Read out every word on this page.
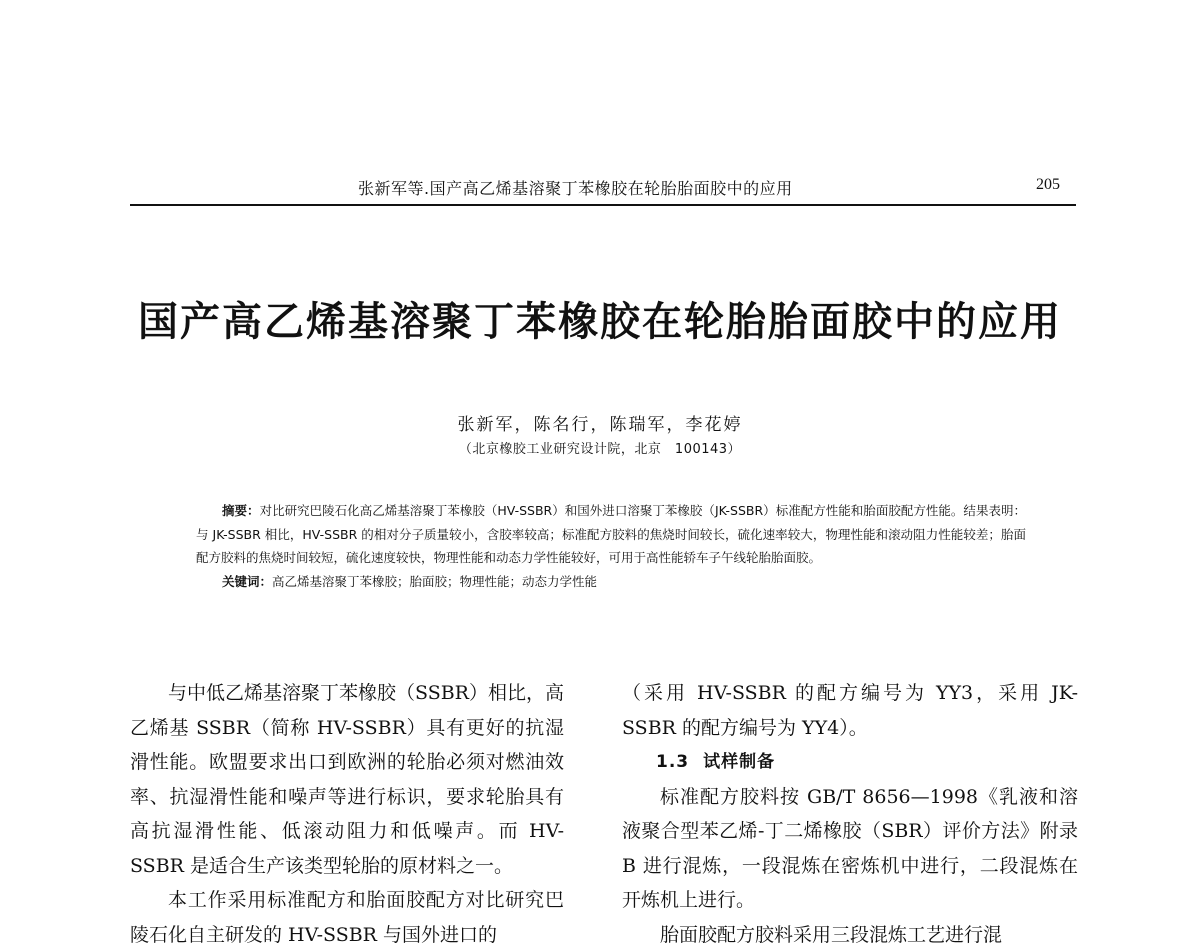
张新军等.国产高乙烯基溶聚丁苯橡胶在轮胎胎面胶中的应用	205
国产高乙烯基溶聚丁苯橡胶在轮胎胎面胶中的应用
张新军，陈名行，陈瑞军，李花婷
（北京橡胶工业研究设计院，北京　100143）

摘要：对比研究巴陵石化高乙烯基溶聚丁苯橡胶（HV-SSBR）和国外进口溶聚丁苯橡胶（JK-SSBR）标准配方性能和胎面胶配方性能。结果表明：与 JK-SSBR 相比，HV-SSBR 的相对分子质量较小，含胶率较高；标准配方胶料的焦烧时间较长，硫化速率较大，物理性能和滚动阻力性能较差；胎面配方胶料的焦烧时间较短，硫化速度较快，物理性能和动态力学性能较好，可用于高性能轿车子午线轮胎胎面胶。

关键词：高乙烯基溶聚丁苯橡胶；胎面胶；物理性能；动态力学性能

与中低乙烯基溶聚丁苯橡胶（SSBR）相比，高乙烯基 SSBR（简称 HV-SSBR）具有更好的抗湿滑性能。欧盟要求出口到欧洲的轮胎必须对燃油效率、抗湿滑性能和噪声等进行标识，要求轮胎具有高抗湿滑性能、低滚动阻力和低噪声。而 HV-SSBR 是适合生产该类型轮胎的原材料之一。

本工作采用标准配方和胎面胶配方对比研究巴陵石化自主研发的 HV-SSBR 与国外进口的

（采用 HV-SSBR 的配方编号为 YY3，采用 JK-SSBR 的配方编号为 YY4）。

1.3 试样制备

标准配方胶料按 GB/T 8656—1998《乳液和溶液聚合型苯乙烯-丁二烯橡胶（SBR）评价方法》附录 B 进行混炼，一段混炼在密炼机中进行，二段混炼在开炼机上进行。

胎面胶配方胶料采用三段混炼工艺进行混
